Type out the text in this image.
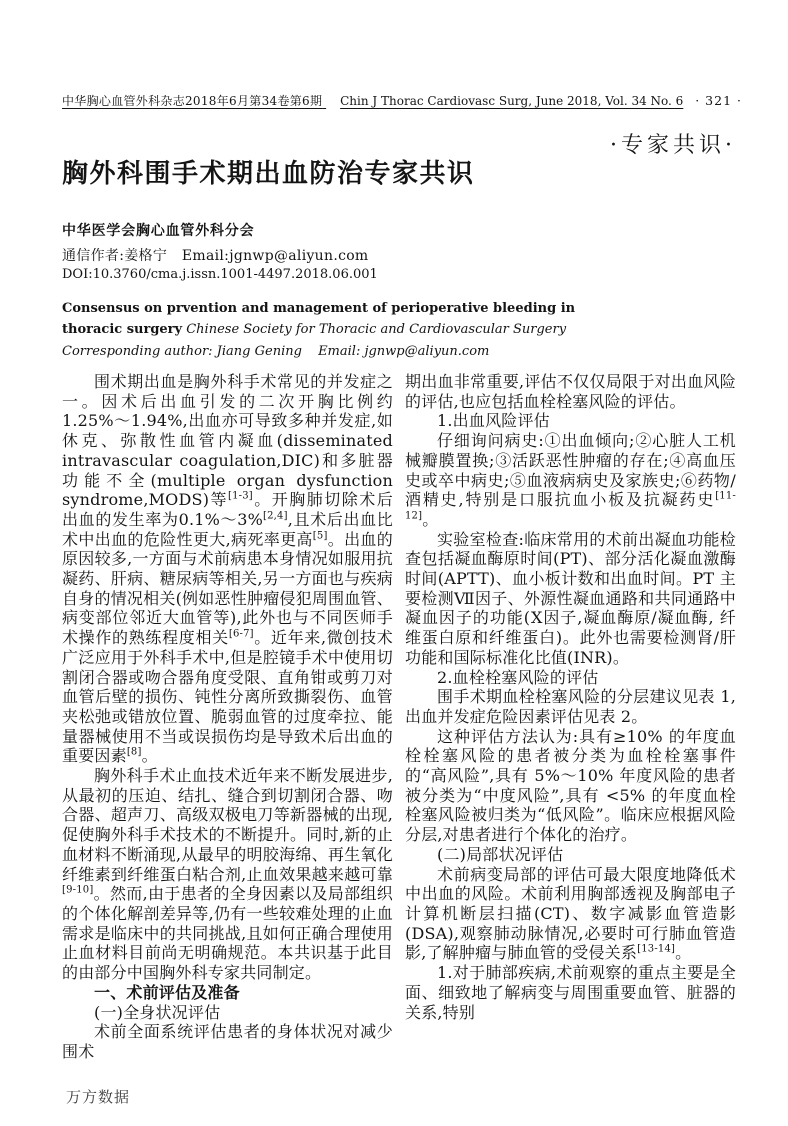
中华胸心血管外科杂志2018年6月第34卷第6期 Chin J Thorac Cardiovasc Surg, June 2018, Vol. 34 No. 6 · 321 ·
·专家共识·
胸外科围手术期出血防治专家共识
中华医学会胸心血管外科分会
通信作者:姜格宁 Email:jgnwp@aliyun.com
DOI:10.3760/cma.j.issn.1001-4497.2018.06.001
Consensus on prvention and management of perioperative bleeding in thoracic surgery Chinese Society for Thoracic and Cardiovascular Surgery
Corresponding author: Jiang Gening Email: jgnwp@aliyun.com

围术期出血是胸外科手术常见的并发症之一。因术后出血引发的二次开胸比例约 1.25%～1.94%,出血亦可导致多种并发症,如休克、弥散性血管内凝血(disseminated intravascular coagulation,DIC)和多脏器功能不全(multiple organ dysfunction syndrome,MODS)等[1-3]。开胸肺切除术后出血的发生率为0.1%～3%[2,4],且术后出血比术中出血的危险性更大,病死率更高[5]。出血的原因较多,一方面与术前病患本身情况如服用抗凝药、肝病、糖尿病等相关,另一方面也与疾病自身的情况相关(例如恶性肿瘤侵犯周围血管、病变部位邻近大血管等),此外也与不同医师手术操作的熟练程度相关[6-7]。近年来,微创技术广泛应用于外科手术中,但是腔镜手术中使用切割闭合器或吻合器角度受限、直角钳或剪刀对血管后壁的损伤、钝性分离所致撕裂伤、血管夹松弛或错放位置、脆弱血管的过度牵拉、能量器械使用不当或误损伤均是导致术后出血的重要因素[8]。

胸外科手术止血技术近年来不断发展进步,从最初的压迫、结扎、缝合到切割闭合器、吻合器、超声刀、高级双极电刀等新器械的出现,促使胸外科手术技术的不断提升。同时,新的止血材料不断涌现,从最早的明胶海绵、再生氧化纤维素到纤维蛋白粘合剂,止血效果越来越可靠[9-10]。然而,由于患者的全身因素以及局部组织的个体化解剖差异等,仍有一些较难处理的止血需求是临床中的共同挑战,且如何正确合理使用止血材料目前尚无明确规范。本共识基于此目的由部分中国胸外科专家共同制定。

一、术前评估及准备

(一)全身状况评估

术前全面系统评估患者的身体状况对减少围术

期出血非常重要,评估不仅仅局限于对出血风险的评估,也应包括血栓栓塞风险的评估。

1.出血风险评估

仔细询问病史:①出血倾向;②心脏人工机械瓣膜置换;③活跃恶性肿瘤的存在;④高血压史或卒中病史;⑤血液病病史及家族史;⑥药物/酒精史,特别是口服抗血小板及抗凝药史[11-12]。

实验室检查:临床常用的术前出凝血功能检查包括凝血酶原时间(PT)、部分活化凝血激酶时间(APTT)、血小板计数和出血时间。PT 主要检测Ⅶ因子、外源性凝血通路和共同通路中凝血因子的功能(Ⅹ因子,凝血酶原/凝血酶, 纤维蛋白原和纤维蛋白)。此外也需要检测肾/肝功能和国际标准化比值(INR)。

2.血栓栓塞风险的评估

围手术期血栓栓塞风险的分层建议见表 1,出血并发症危险因素评估见表 2。

这种评估方法认为:具有≥10% 的年度血栓栓塞风险的患者被分类为血栓栓塞事件的“高风险”,具有 5%～10% 年度风险的患者被分类为“中度风险”,具有 <5% 的年度血栓栓塞风险被归类为“低风险”。临床应根据风险分层,对患者进行个体化的治疗。

(二)局部状况评估

术前病变局部的评估可最大限度地降低术中出血的风险。术前利用胸部透视及胸部电子计算机断层扫描(CT)、数字减影血管造影(DSA),观察肺动脉情况,必要时可行肺血管造影,了解肿瘤与肺血管的受侵关系[13-14]。

1.对于肺部疾病,术前观察的重点主要是全面、细致地了解病变与周围重要血管、脏器的关系,特别

万方数据
